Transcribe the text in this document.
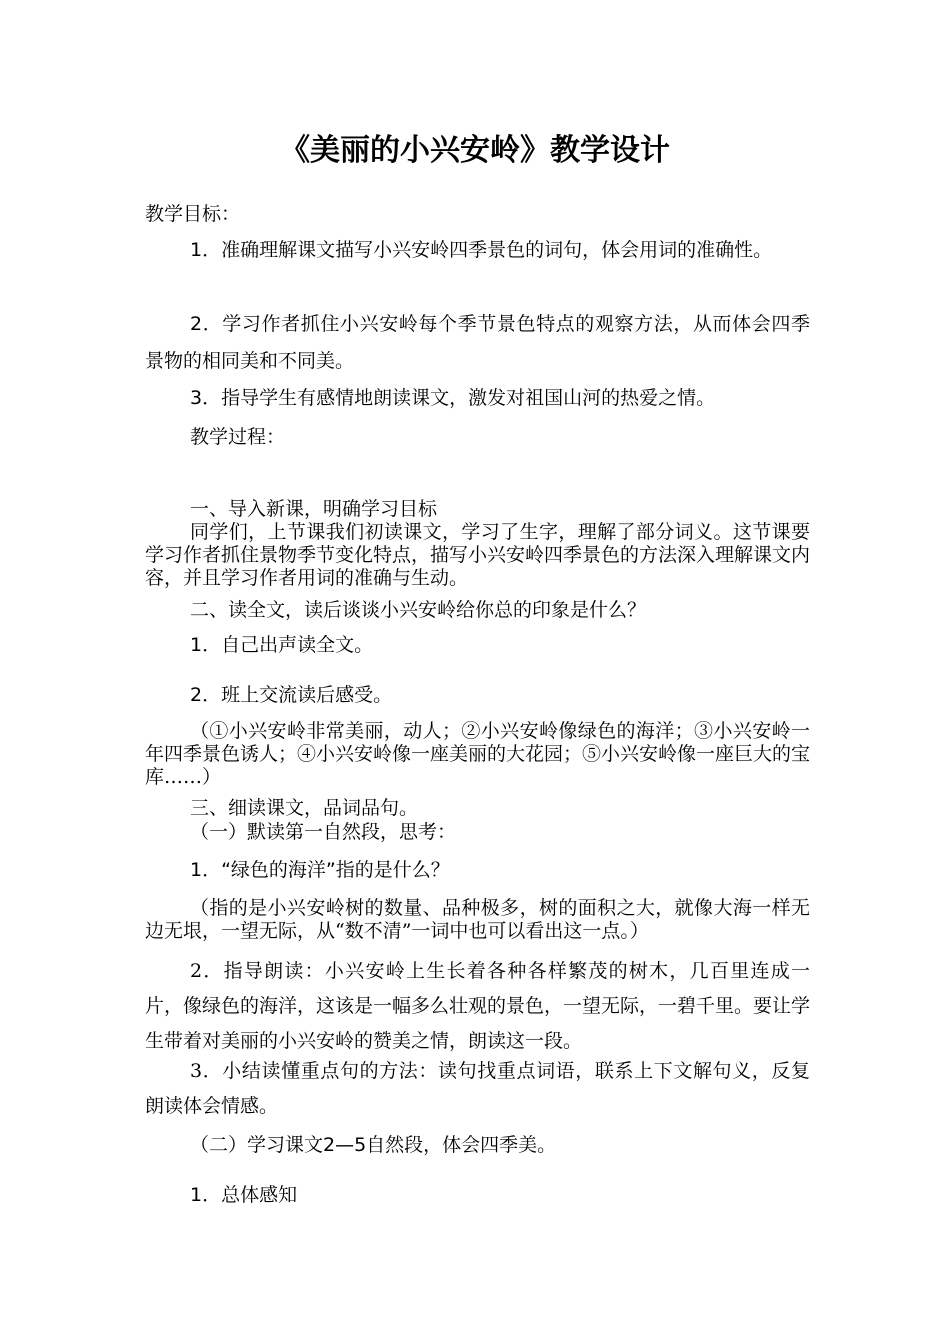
《美丽的小兴安岭》教学设计

教学目标：

1．准确理解课文描写小兴安岭四季景色的词句，体会用词的准确性。

2．学习作者抓住小兴安岭每个季节景色特点的观察方法，从而体会四季景物的相同美和不同美。

3．指导学生有感情地朗读课文，激发对祖国山河的热爱之情。

教学过程：

一、导入新课，明确学习目标

同学们，上节课我们初读课文，学习了生字，理解了部分词义。这节课要学习作者抓住景物季节变化特点，描写小兴安岭四季景色的方法深入理解课文内容，并且学习作者用词的准确与生动。

二、读全文，读后谈谈小兴安岭给你总的印象是什么？

1．自己出声读全文。

2．班上交流读后感受。

（①小兴安岭非常美丽，动人；②小兴安岭像绿色的海洋；③小兴安岭一年四季景色诱人；④小兴安岭像一座美丽的大花园；⑤小兴安岭像一座巨大的宝库……）

三、细读课文，品词品句。

（一）默读第一自然段，思考：

1．“绿色的海洋”指的是什么？

（指的是小兴安岭树的数量、品种极多，树的面积之大，就像大海一样无边无垠，一望无际，从“数不清”一词中也可以看出这一点。）

2．指导朗读：小兴安岭上生长着各种各样繁茂的树木，几百里连成一片，像绿色的海洋，这该是一幅多么壮观的景色，一望无际，一碧千里。要让学生带着对美丽的小兴安岭的赞美之情，朗读这一段。

3．小结读懂重点句的方法：读句找重点词语，联系上下文解句义，反复朗读体会情感。

（二）学习课文2—5自然段，体会四季美。

1．总体感知
